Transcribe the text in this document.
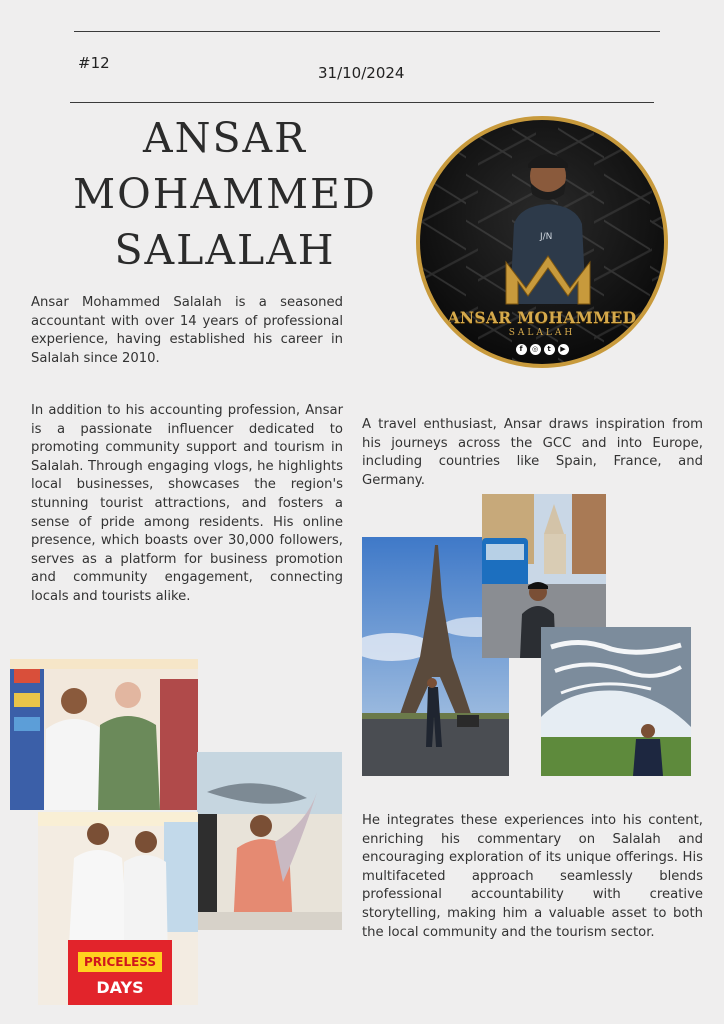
#12
31/10/2024
ANSAR
MOHAMMED
SALALAH	J/N
ANSAR MOHAMMED
SALALAH
f ◎ t ▶
Ansar Mohammed Salalah is a seasoned accountant with over 14 years of professional experience, having established his career in Salalah since 2010.
In addition to his accounting profession, Ansar is a passionate influencer dedicated to promoting community support and tourism in Salalah. Through engaging vlogs, he highlights local businesses, showcases the region's stunning tourist attractions, and fosters a sense of pride among residents. His online presence, which boasts over 30,000 followers, serves as a platform for business promotion and community engagement, connecting locals and tourists alike.
A travel enthusiast, Ansar draws inspiration from his journeys across the GCC and into Europe, including countries like Spain, France, and Germany.
He integrates these experiences into his content, enriching his commentary on Salalah and encouraging exploration of its unique offerings. His multifaceted approach seamlessly blends professional accountability with creative storytelling, making him a valuable asset to both the local community and the tourism sector.
PRICELESS
DAYS
